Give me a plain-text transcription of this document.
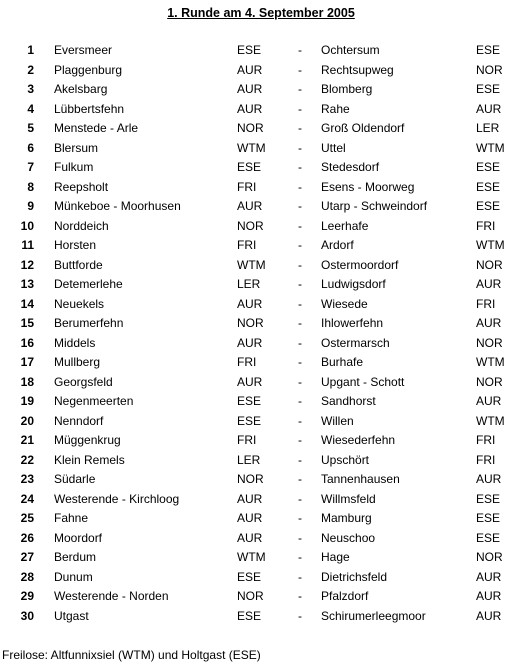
1. Runde am 4. September 2005
1 Eversmeer	ESE	- Ochtersum	ESE
2 Plaggenburg	AUR	- Rechtsupweg	NOR
3 Akelsbarg	AUR	- Blomberg	ESE
4 Lübbertsfehn	AUR	- Rahe	AUR
5 Menstede - Arle	NOR	- Groß Oldendorf	LER
6 Blersum	WTM	- Uttel	WTM
7 Fulkum	ESE	- Stedesdorf	ESE
8 Reepsholt	FRI	- Esens - Moorweg	ESE
9 Münkeboe - Moorhusen	AUR	- Utarp - Schweindorf	ESE
10 Norddeich	NOR	- Leerhafe	FRI
11 Horsten	FRI	- Ardorf	WTM
12 Buttforde	WTM	- Ostermoordorf	NOR
13 Detemerlehe	LER	- Ludwigsdorf	AUR
14 Neuekels	AUR	- Wiesede	FRI
15 Berumerfehn	NOR	- Ihlowerfehn	AUR
16 Middels	AUR	- Ostermarsch	NOR
17 Mullberg	FRI	- Burhafe	WTM
18 Georgsfeld	AUR	- Upgant - Schott	NOR
19 Negenmeerten	ESE	- Sandhorst	AUR
20 Nenndorf	ESE	- Willen	WTM
21 Müggenkrug	FRI	- Wiesederfehn	FRI
22 Klein Remels	LER	- Upschört	FRI
23 Südarle	NOR	- Tannenhausen	AUR
24 Westerende - Kirchloog	AUR	- Willmsfeld	ESE
25 Fahne	AUR	- Mamburg	ESE
26 Moordorf	AUR	- Neuschoo	ESE
27 Berdum	WTM	- Hage	NOR
28 Dunum	ESE	- Dietrichsfeld	AUR
29 Westerende - Norden	NOR	- Pfalzdorf	AUR
30 Utgast	ESE	- Schirumerleegmoor	AUR
Freilose: Altfunnixsiel (WTM) und Holtgast (ESE)
